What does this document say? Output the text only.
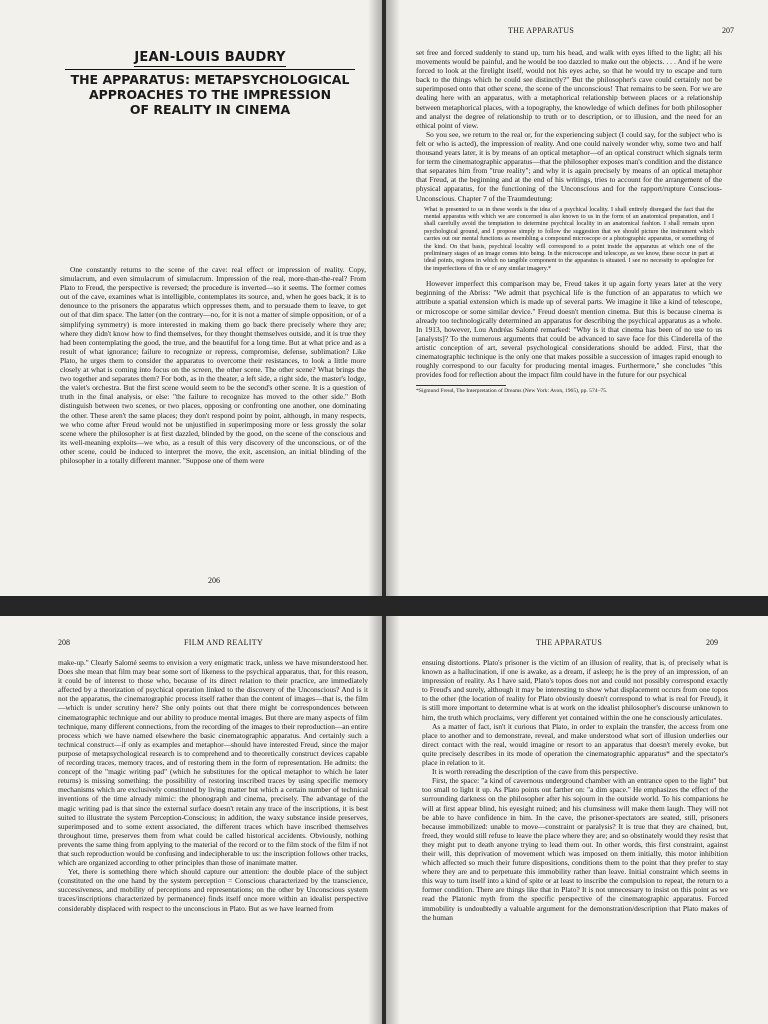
JEAN-LOUIS BAUDRY
THE APPARATUS: METAPSYCHOLOGICAL
APPROACHES TO THE IMPRESSION
OF REALITY IN CINEMA

One constantly returns to the scene of the cave: real effect or impression of reality. Copy, simulacrum, and even simulacrum of simulacrum. Impression of the real, more-than-the-real? From Plato to Freud, the perspective is reversed; the procedure is inverted—so it seems. The former comes out of the cave, examines what is intelligible, contemplates its source, and, when he goes back, it is to denounce to the prisoners the apparatus which oppresses them, and to persuade them to leave, to get out of that dim space. The latter (on the contrary—no, for it is not a matter of simple opposition, or of a simplifying symmetry) is more interested in making them go back there precisely where they are; where they didn't know how to find themselves, for they thought themselves outside, and it is true they had been contemplating the good, the true, and the beautiful for a long time. But at what price and as a result of what ignorance; failure to recognize or repress, compromise, defense, sublimation? Like Plato, he urges them to consider the apparatus to overcome their resistances, to look a little more closely at what is coming into focus on the screen, the other scene. The other scene? What brings the two together and separates them? For both, as in the theater, a left side, a right side, the master's lodge, the valet's orchestra. But the first scene would seem to be the second's other scene. It is a question of truth in the final analysis, or else: "the failure to recognize has moved to the other side." Both distinguish between two scenes, or two places, opposing or confronting one another, one dominating the other. These aren't the same places; they don't respond point by point, although, in many respects, we who come after Freud would not be unjustified in superimposing more or less grossly the solar scene where the philosopher is at first dazzled, blinded by the good, on the scene of the conscious and its well-meaning exploits—we who, as a result of this very discovery of the unconscious, or of the other scene, could be induced to interpret the move, the exit, ascension, an initial blinding of the philosopher in a totally different manner. "Suppose one of them were

206
THE APPARATUS	207

set free and forced suddenly to stand up, turn his head, and walk with eyes lifted to the light; all his movements would be painful, and he would be too dazzled to make out the objects. . . . And if he were forced to look at the firelight itself, would not his eyes ache, so that he would try to escape and turn back to the things which he could see distinctly?" But the philosopher's cave could certainly not be superimposed onto that other scene, the scene of the unconscious! That remains to be seen. For we are dealing here with an apparatus, with a metaphorical relationship between places or a relationship between metaphorical places, with a topography, the knowledge of which defines for both philosopher and analyst the degree of relationship to truth or to description, or to illusion, and the need for an ethical point of view.

So you see, we return to the real or, for the experiencing subject (I could say, for the subject who is felt or who is acted), the impression of reality. And one could naively wonder why, some two and half thousand years later, it is by means of an optical metaphor—of an optical construct which signals term for term the cinematographic apparatus—that the philosopher exposes man's condition and the distance that separates him from "true reality"; and why it is again precisely by means of an optical metaphor that Freud, at the beginning and at the end of his writings, tries to account for the arrangement of the physical apparatus, for the functioning of the Unconscious and for the rapport/rupture Conscious-Unconscious. Chapter 7 of the Traumdeutung:

What is presented to us in these words is the idea of a psychical locality. I shall entirely disregard the fact that the mental apparatus with which we are concerned is also known to us in the form of an anatomical preparation, and I shall carefully avoid the temptation to determine psychical locality in an anatomical fashion. I shall remain upon psychological ground, and I propose simply to follow the suggestion that we should picture the instrument which carries out our mental functions as resembling a compound microscope or a photographic apparatus, or something of the kind. On that basis, psychical locality will correspond to a point inside the apparatus at which one of the preliminary stages of an image comes into being. In the microscope and telescope, as we know, these occur in part at ideal points, regions in which no tangible component to the apparatus is situated. I see no necessity to apologize for the imperfections of this or of any similar imagery.*

However imperfect this comparison may be, Freud takes it up again forty years later at the very beginning of the Abriss: "We admit that psychical life is the function of an apparatus to which we attribute a spatial extension which is made up of several parts. We imagine it like a kind of telescope, or microscope or some similar device." Freud doesn't mention cinema. But this is because cinema is already too technologically determined an apparatus for describing the psychical apparatus as a whole. In 1913, however, Lou Andréas Salomé remarked: "Why is it that cinema has been of no use to us [analysts]? To the numerous arguments that could be advanced to save face for this Cinderella of the artistic conception of art, several psychological considerations should be added. First, that the cinematographic technique is the only one that makes possible a succession of images rapid enough to roughly correspond to our faculty for producing mental images. Furthermore," she concludes "this provides food for reflection about the impact film could have in the future for our psychical

*Sigmund Freud, The Interpretation of Dreams (New York: Avon, 1965), pp. 574–75.
208	FILM AND REALITY

make-up." Clearly Salomé seems to envision a very enigmatic track, unless we have misunderstood her. Does she mean that film may bear some sort of likeness to the psychical apparatus, that, for this reason, it could be of interest to those who, because of its direct relation to their practice, are immediately affected by a theorization of psychical operation linked to the discovery of the Unconscious? And is it not the apparatus, the cinematographic process itself rather than the content of images—that is, the film—which is under scrutiny here? She only points out that there might be correspondences between cinematographic technique and our ability to produce mental images. But there are many aspects of film technique, many different connections, from the recording of the images to their reproduction—an entire process which we have named elsewhere the basic cinematographic apparatus. And certainly such a technical construct—if only as examples and metaphor—should have interested Freud, since the major purpose of metapsychological research is to comprehend and to theoretically construct devices capable of recording traces, memory traces, and of restoring them in the form of representation. He admits: the concept of the "magic writing pad" (which he substitutes for the optical metaphor to which he later returns) is missing something: the possibility of restoring inscribed traces by using specific memory mechanisms which are exclusively constituted by living matter but which a certain number of technical inventions of the time already mimic: the phonograph and cinema, precisely. The advantage of the magic writing pad is that since the external surface doesn't retain any trace of the inscriptions, it is best suited to illustrate the system Perception-Conscious; in addition, the waxy substance inside preserves, superimposed and to some extent associated, the different traces which have inscribed themselves throughout time, preserves them from what could be called historical accidents. Obviously, nothing prevents the same thing from applying to the material of the record or to the film stock of the film if not that such reproduction would be confusing and indecipherable to us: the inscription follows other tracks, which are organized according to other principles than those of inanimate matter.

Yet, there is something there which should capture our attention: the double place of the subject (constituted on the one hand by the system perception = Conscious characterized by the transcience, successiveness, and mobility of perceptions and representations; on the other by Unconscious system traces/inscriptions characterized by permanence) finds itself once more within an idealist perspective considerably displaced with respect to the unconscious in Plato. But as we have learned from

THE APPARATUS	209

ensuing distortions. Plato's prisoner is the victim of an illusion of reality, that is, of precisely what is known as a hallucination, if one is awake, as a dream, if asleep; he is the prey of an impression, of an impression of reality. As I have said, Plato's topos does not and could not possibly correspond exactly to Freud's and surely, although it may be interesting to show what displacement occurs from one topos to the other (the location of reality for Plato obviously doesn't correspond to what is real for Freud), it is still more important to determine what is at work on the idealist philosopher's discourse unknown to him, the truth which proclaims, very different yet contained within the one he consciously articulates.

As a matter of fact, isn't it curious that Plato, in order to explain the transfer, the access from one place to another and to demonstrate, reveal, and make understood what sort of illusion underlies our direct contact with the real, would imagine or resort to an apparatus that doesn't merely evoke, but quite precisely describes in its mode of operation the cinematographic apparatus* and the spectator's place in relation to it.

It is worth rereading the description of the cave from this perspective.

First, the space: "a kind of cavernous underground chamber with an entrance open to the light" but too small to light it up. As Plato points out farther on: "a dim space." He emphasizes the effect of the surrounding darkness on the philosopher after his sojourn in the outside world. To his companions he will at first appear blind, his eyesight ruined; and his clumsiness will make them laugh. They will not be able to have confidence in him. In the cave, the prisoner-spectators are seated, still, prisoners because immobilized: unable to move—constraint or paralysis? It is true that they are chained, but, freed, they would still refuse to leave the place where they are; and so obstinately would they resist that they might put to death anyone trying to lead them out. In other words, this first constraint, against their will, this deprivation of movement which was imposed on them initially, this motor inhibition which affected so much their future dispositions, conditions them to the point that they prefer to stay where they are and to perpetuate this immobility rather than leave. Initial constraint which seems in this way to turn itself into a kind of spite or at least to inscribe the compulsion to repeat, the return to a former condition. There are things like that in Plato? It is not unnecessary to insist on this point as we read the Platonic myth from the specific perspective of the cinematographic apparatus. Forced immobility is undoubtedly a valuable argument for the demonstration/description that Plato makes of the human
